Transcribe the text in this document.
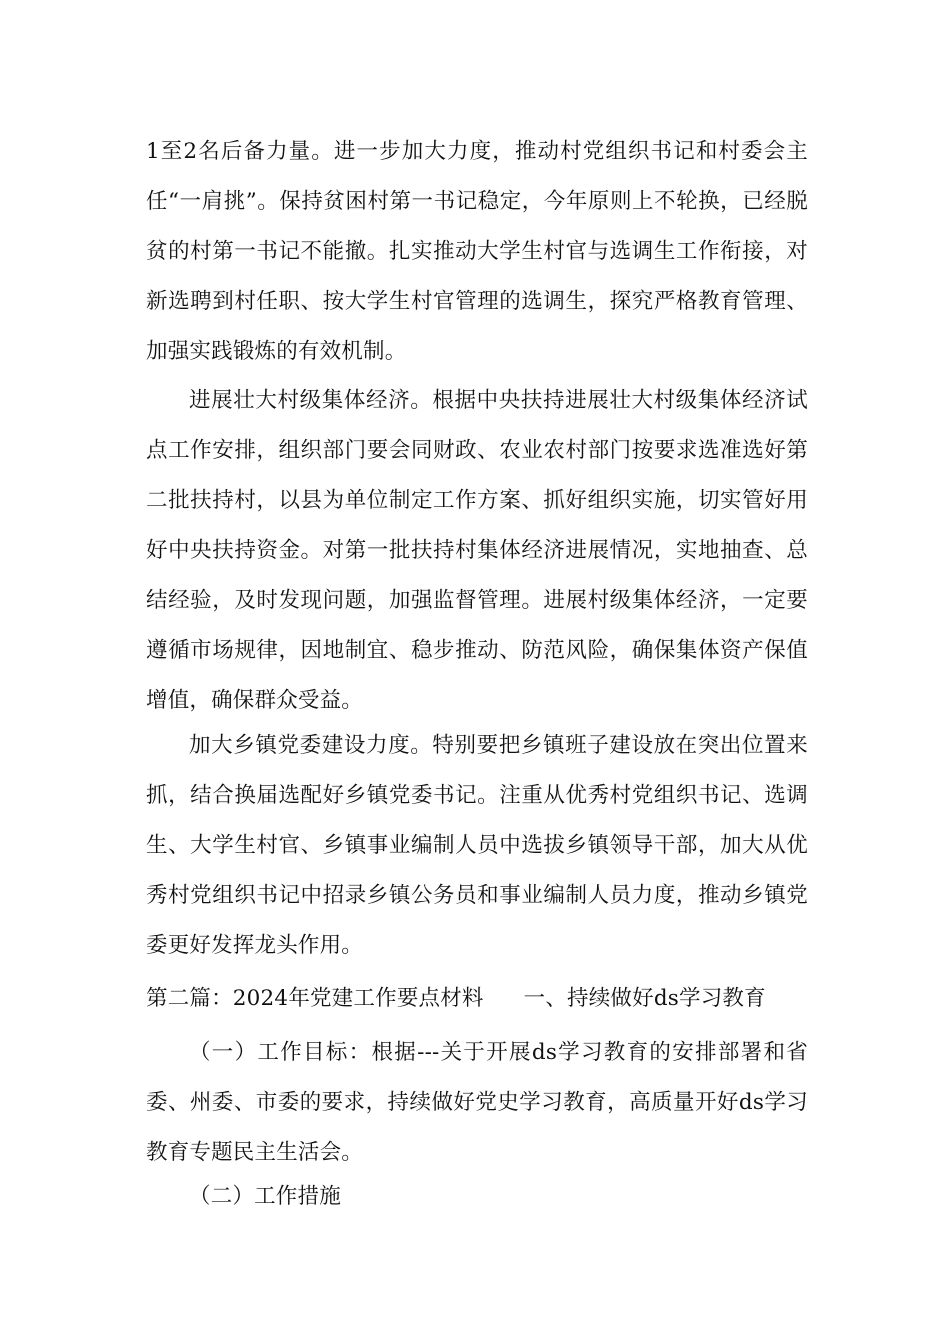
1至2名后备力量。进一步加大力度，推动村党组织书记和村委会主任“一肩挑”。保持贫困村第一书记稳定，今年原则上不轮换，已经脱贫的村第一书记不能撤。扎实推动大学生村官与选调生工作衔接，对新选聘到村任职、按大学生村官管理的选调生，探究严格教育管理、加强实践锻炼的有效机制。

进展壮大村级集体经济。根据中央扶持进展壮大村级集体经济试点工作安排，组织部门要会同财政、农业农村部门按要求选准选好第二批扶持村，以县为单位制定工作方案、抓好组织实施，切实管好用好中央扶持资金。对第一批扶持村集体经济进展情况，实地抽查、总结经验，及时发现问题，加强监督管理。进展村级集体经济，一定要遵循市场规律，因地制宜、稳步推动、防范风险，确保集体资产保值增值，确保群众受益。

加大乡镇党委建设力度。特别要把乡镇班子建设放在突出位置来抓，结合换届选配好乡镇党委书记。注重从优秀村党组织书记、选调生、大学生村官、乡镇事业编制人员中选拔乡镇领导干部，加大从优秀村党组织书记中招录乡镇公务员和事业编制人员力度，推动乡镇党委更好发挥龙头作用。

第二篇：2024年党建工作要点材料 一、持续做好ds学习教育

（一）工作目标：根据---关于开展ds学习教育的安排部署和省委、州委、市委的要求，持续做好党史学习教育，高质量开好ds学习教育专题民主生活会。

（二）工作措施
